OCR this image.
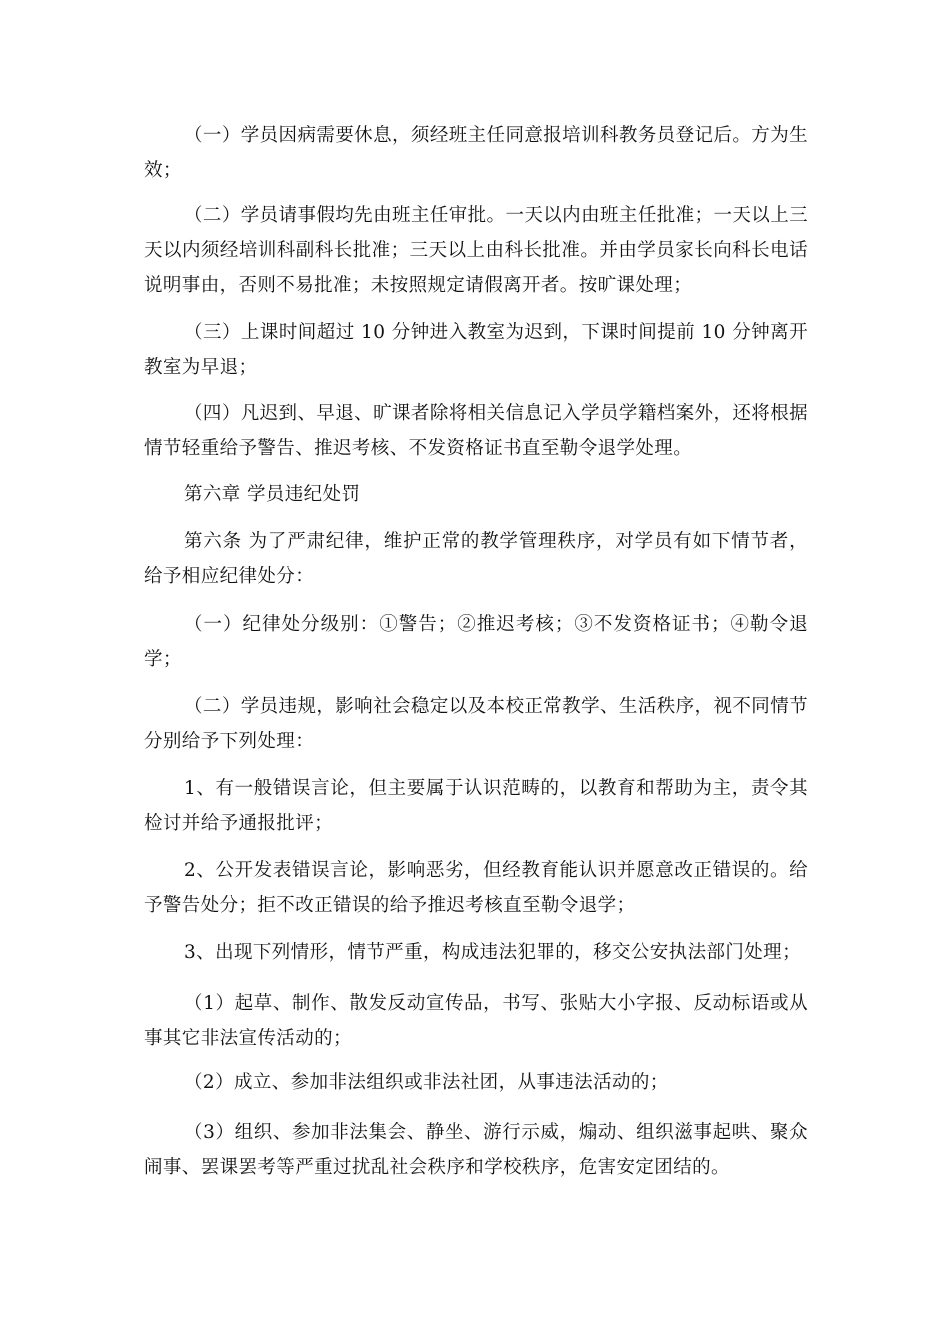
（一）学员因病需要休息，须经班主任同意报培训科教务员登记后。方为生效；

（二）学员请事假均先由班主任审批。一天以内由班主任批准；一天以上三天以内须经培训科副科长批准；三天以上由科长批准。并由学员家长向科长电话说明事由，否则不易批准；未按照规定请假离开者。按旷课处理；

（三）上课时间超过 10 分钟进入教室为迟到，下课时间提前 10 分钟离开教室为早退；

（四）凡迟到、早退、旷课者除将相关信息记入学员学籍档案外，还将根据情节轻重给予警告、推迟考核、不发资格证书直至勒令退学处理。

第六章 学员违纪处罚

第六条 为了严肃纪律，维护正常的教学管理秩序，对学员有如下情节者，给予相应纪律处分：

（一）纪律处分级别：①警告；②推迟考核；③不发资格证书；④勒令退学；

（二）学员违规，影响社会稳定以及本校正常教学、生活秩序，视不同情节分别给予下列处理：

1、有一般错误言论，但主要属于认识范畴的，以教育和帮助为主，责令其检讨并给予通报批评；

2、公开发表错误言论，影响恶劣，但经教育能认识并愿意改正错误的。给予警告处分；拒不改正错误的给予推迟考核直至勒令退学；

3、出现下列情形，情节严重，构成违法犯罪的，移交公安执法部门处理；

（1）起草、制作、散发反动宣传品，书写、张贴大小字报、反动标语或从事其它非法宣传活动的；

（2）成立、参加非法组织或非法社团，从事违法活动的；

（3）组织、参加非法集会、静坐、游行示威，煽动、组织滋事起哄、聚众闹事、罢课罢考等严重过扰乱社会秩序和学校秩序，危害安定团结的。
